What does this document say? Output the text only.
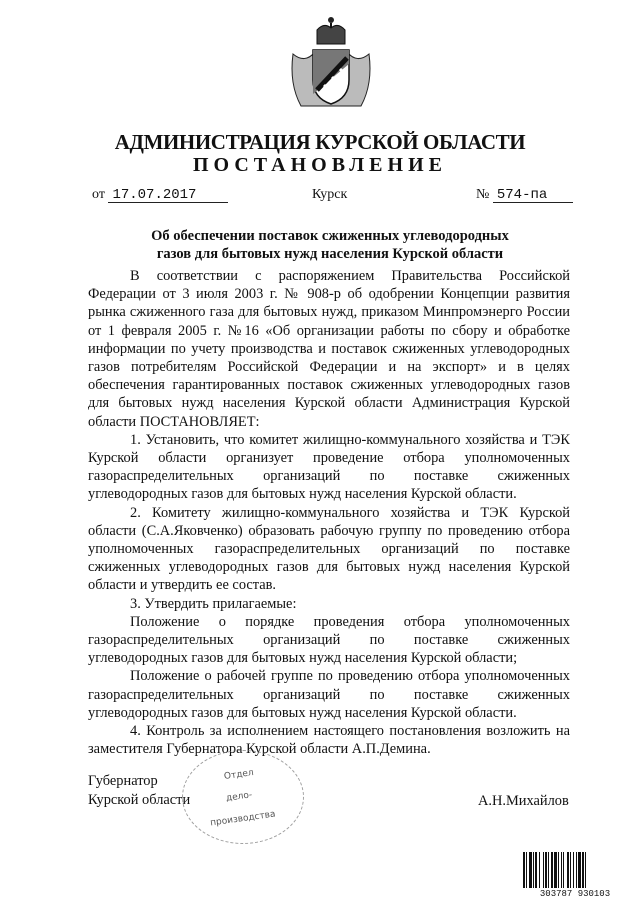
АДМИНИСТРАЦИЯ КУРСКОЙ ОБЛАСТИ
ПОСТАНОВЛЕНИЕ
от 17.07.2017	Курск	№ 574-па
Об обеспечении поставок сжиженных углеводородных
газов для бытовых нужд населения Курской области

В соответствии с распоряжением Правительства Российской Федерации от 3 июля 2003 г. № 908-р об одобрении Концепции развития рынка сжиженного газа для бытовых нужд, приказом Минпромэнерго России от 1 февраля 2005 г. №16 «Об организации работы по сбору и обработке информации по учету производства и поставок сжиженных углеводородных газов потребителям Российской Федерации и на экспорт» и в целях обеспечения гарантированных поставок сжиженных углеводородных газов для бытовых нужд населения Курской области Администрация Курской области ПОСТАНОВЛЯЕТ:

1. Установить, что комитет жилищно-коммунального хозяйства и ТЭК Курской области организует проведение отбора уполномоченных газораспределительных организаций по поставке сжиженных углеводородных газов для бытовых нужд населения Курской области.

2. Комитету жилищно-коммунального хозяйства и ТЭК Курской области (С.А.Яковченко) образовать рабочую группу по проведению отбора уполномоченных газораспределительных организаций по поставке сжиженных углеводородных газов для бытовых нужд населения Курской области и утвердить ее состав.

3. Утвердить прилагаемые:

Положение о порядке проведения отбора уполномоченных газораспределительных организаций по поставке сжиженных углеводородных газов для бытовых нужд населения Курской области;

Положение о рабочей группе по проведению отбора уполномоченных газораспределительных организаций по поставке сжиженных углеводородных газов для бытовых нужд населения Курской области.

4. Контроль за исполнением настоящего постановления возложить на заместителя Губернатора Курской области А.П.Демина.

Отдел
дело-
производства
Губернатор
Курской области	А.Н.Михайлов
303787 930103
